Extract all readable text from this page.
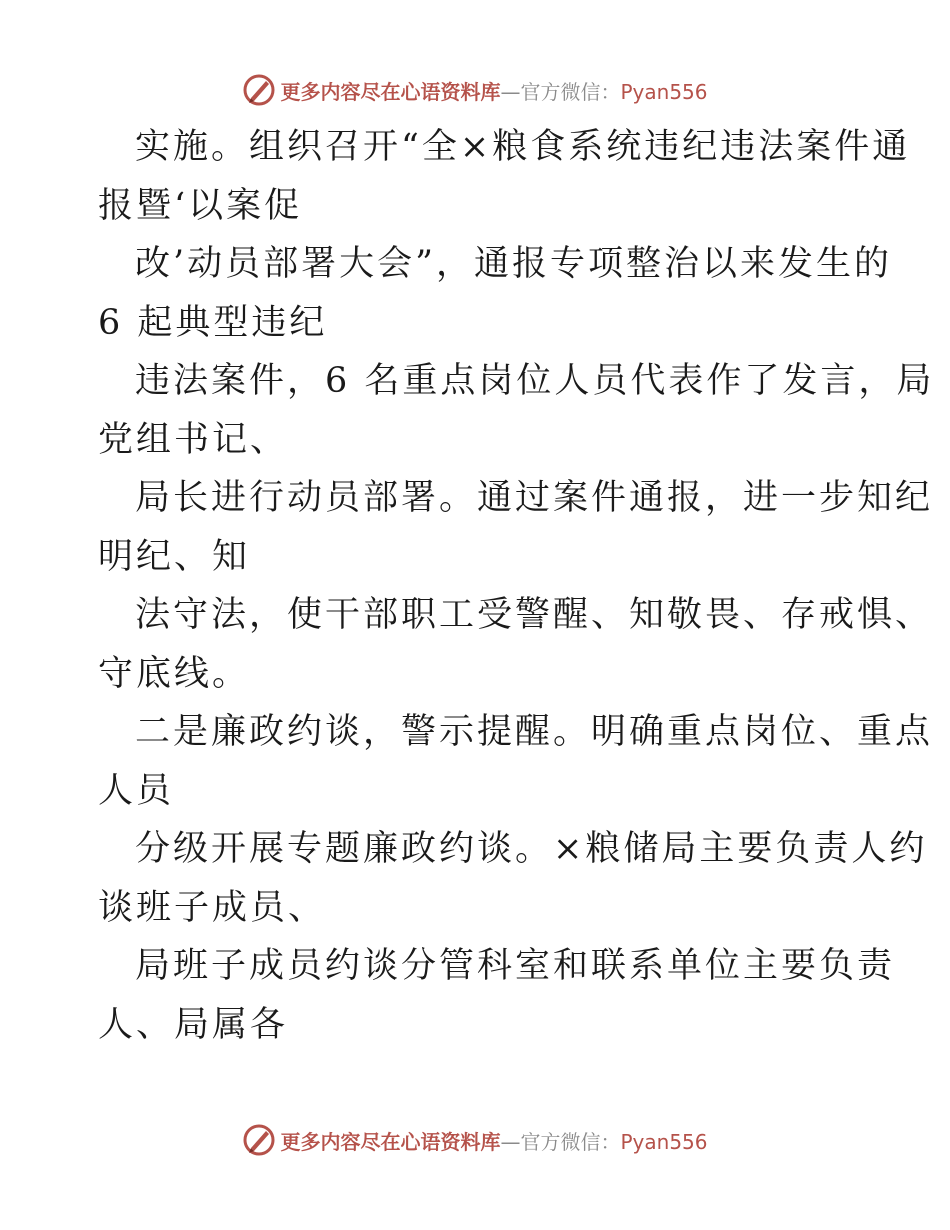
更多内容尽在心语资料库—官方微信：Pyan556
实施。组织召开“全×粮食系统违纪违法案件通
报暨‘以案促
改’动员部署大会”，通报专项整治以来发生的
6 起典型违纪
违法案件，6 名重点岗位人员代表作了发言，局
党组书记、
局长进行动员部署。通过案件通报，进一步知纪
明纪、知
法守法，使干部职工受警醒、知敬畏、存戒惧、
守底线。
二是廉政约谈，警示提醒。明确重点岗位、重点
人员
分级开展专题廉政约谈。×粮储局主要负责人约
谈班子成员、
局班子成员约谈分管科室和联系单位主要负责
人、局属各
更多内容尽在心语资料库—官方微信：Pyan556
